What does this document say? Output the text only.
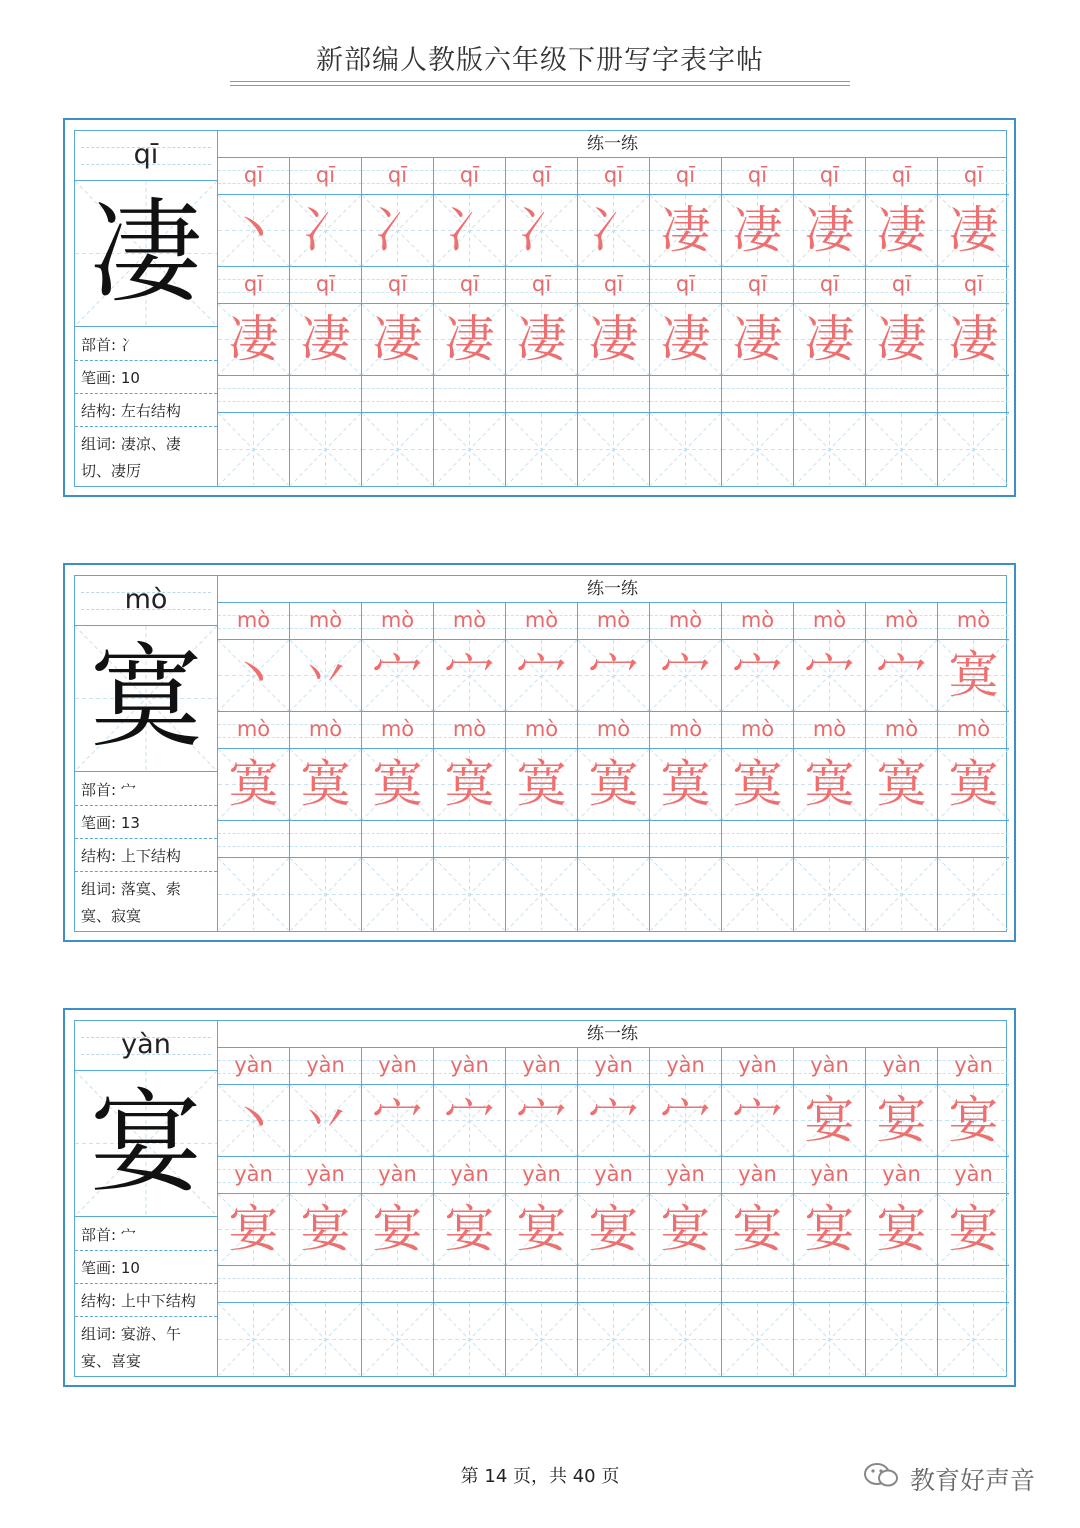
新部编人教版六年级下册写字表字帖
qī
凄
部首: 冫
笔画: 10
结构: 左右结构
组词: 凄凉、凄
切、凄厉
练一练
qī
丶
qī
凄
qī
冫
qī
凄
qī
冫
qī
凄
qī
冫
qī
凄
qī
冫
qī
凄
qī
冫
qī
凄
qī
凄
qī
凄
qī
凄
qī
凄
qī
凄
qī
凄
qī
凄
qī
凄
qī
凄
qī
凄
mò
寞
部首: 宀
笔画: 13
结构: 上下结构
组词: 落寞、索
寞、寂寞
练一练
mò
丶
mò
寞
mò
丷
mò
寞
mò
宀
mò
寞
mò
宀
mò
寞
mò
宀
mò
寞
mò
宀
mò
寞
mò
宀
mò
寞
mò
宀
mò
寞
mò
宀
mò
寞
mò
宀
mò
寞
mò
寞
mò
寞
yàn
宴
部首: 宀
笔画: 10
结构: 上中下结构
组词: 宴游、午
宴、喜宴
练一练
yàn
丶
yàn
宴
yàn
丷
yàn
宴
yàn
宀
yàn
宴
yàn
宀
yàn
宴
yàn
宀
yàn
宴
yàn
宀
yàn
宴
yàn
宀
yàn
宴
yàn
宀
yàn
宴
yàn
宴
yàn
宴
yàn
宴
yàn
宴
yàn
宴
yàn
宴
第 14 页，共 40 页	教育好声音
